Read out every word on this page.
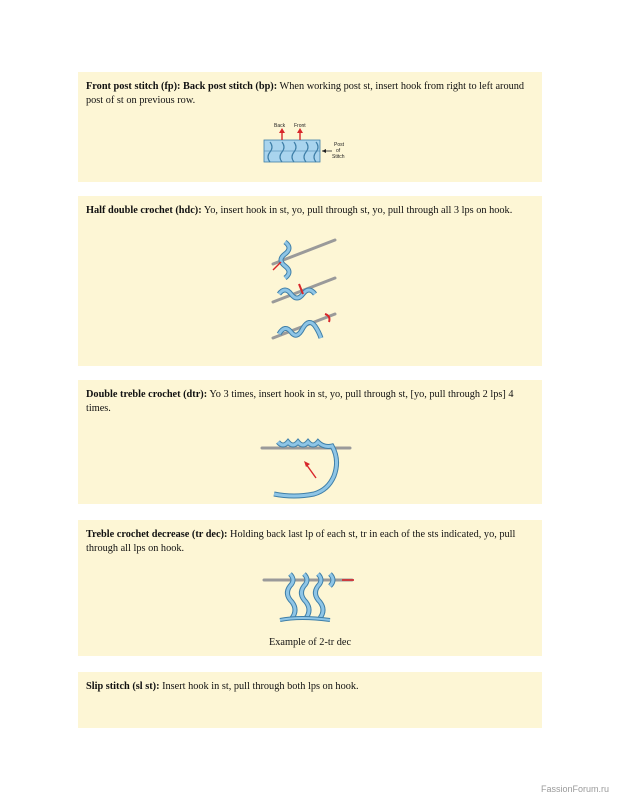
Front post stitch (fp): Back post stitch (bp): When working post st, insert hook from right to left around post of st on previous row.

Back Front
Post
of
Stitch

Half double crochet (hdc): Yo, insert hook in st, yo, pull through st, yo, pull through all 3 lps on hook.

Double treble crochet (dtr): Yo 3 times, insert hook in st, yo, pull through st, [yo, pull through 2 lps] 4 times.

Treble crochet decrease (tr dec): Holding back last lp of each st, tr in each of the sts indicated, yo, pull through all lps on hook.

Example of 2-tr dec

Slip stitch (sl st): Insert hook in st, pull through both lps on hook.

FassionForum.ru
